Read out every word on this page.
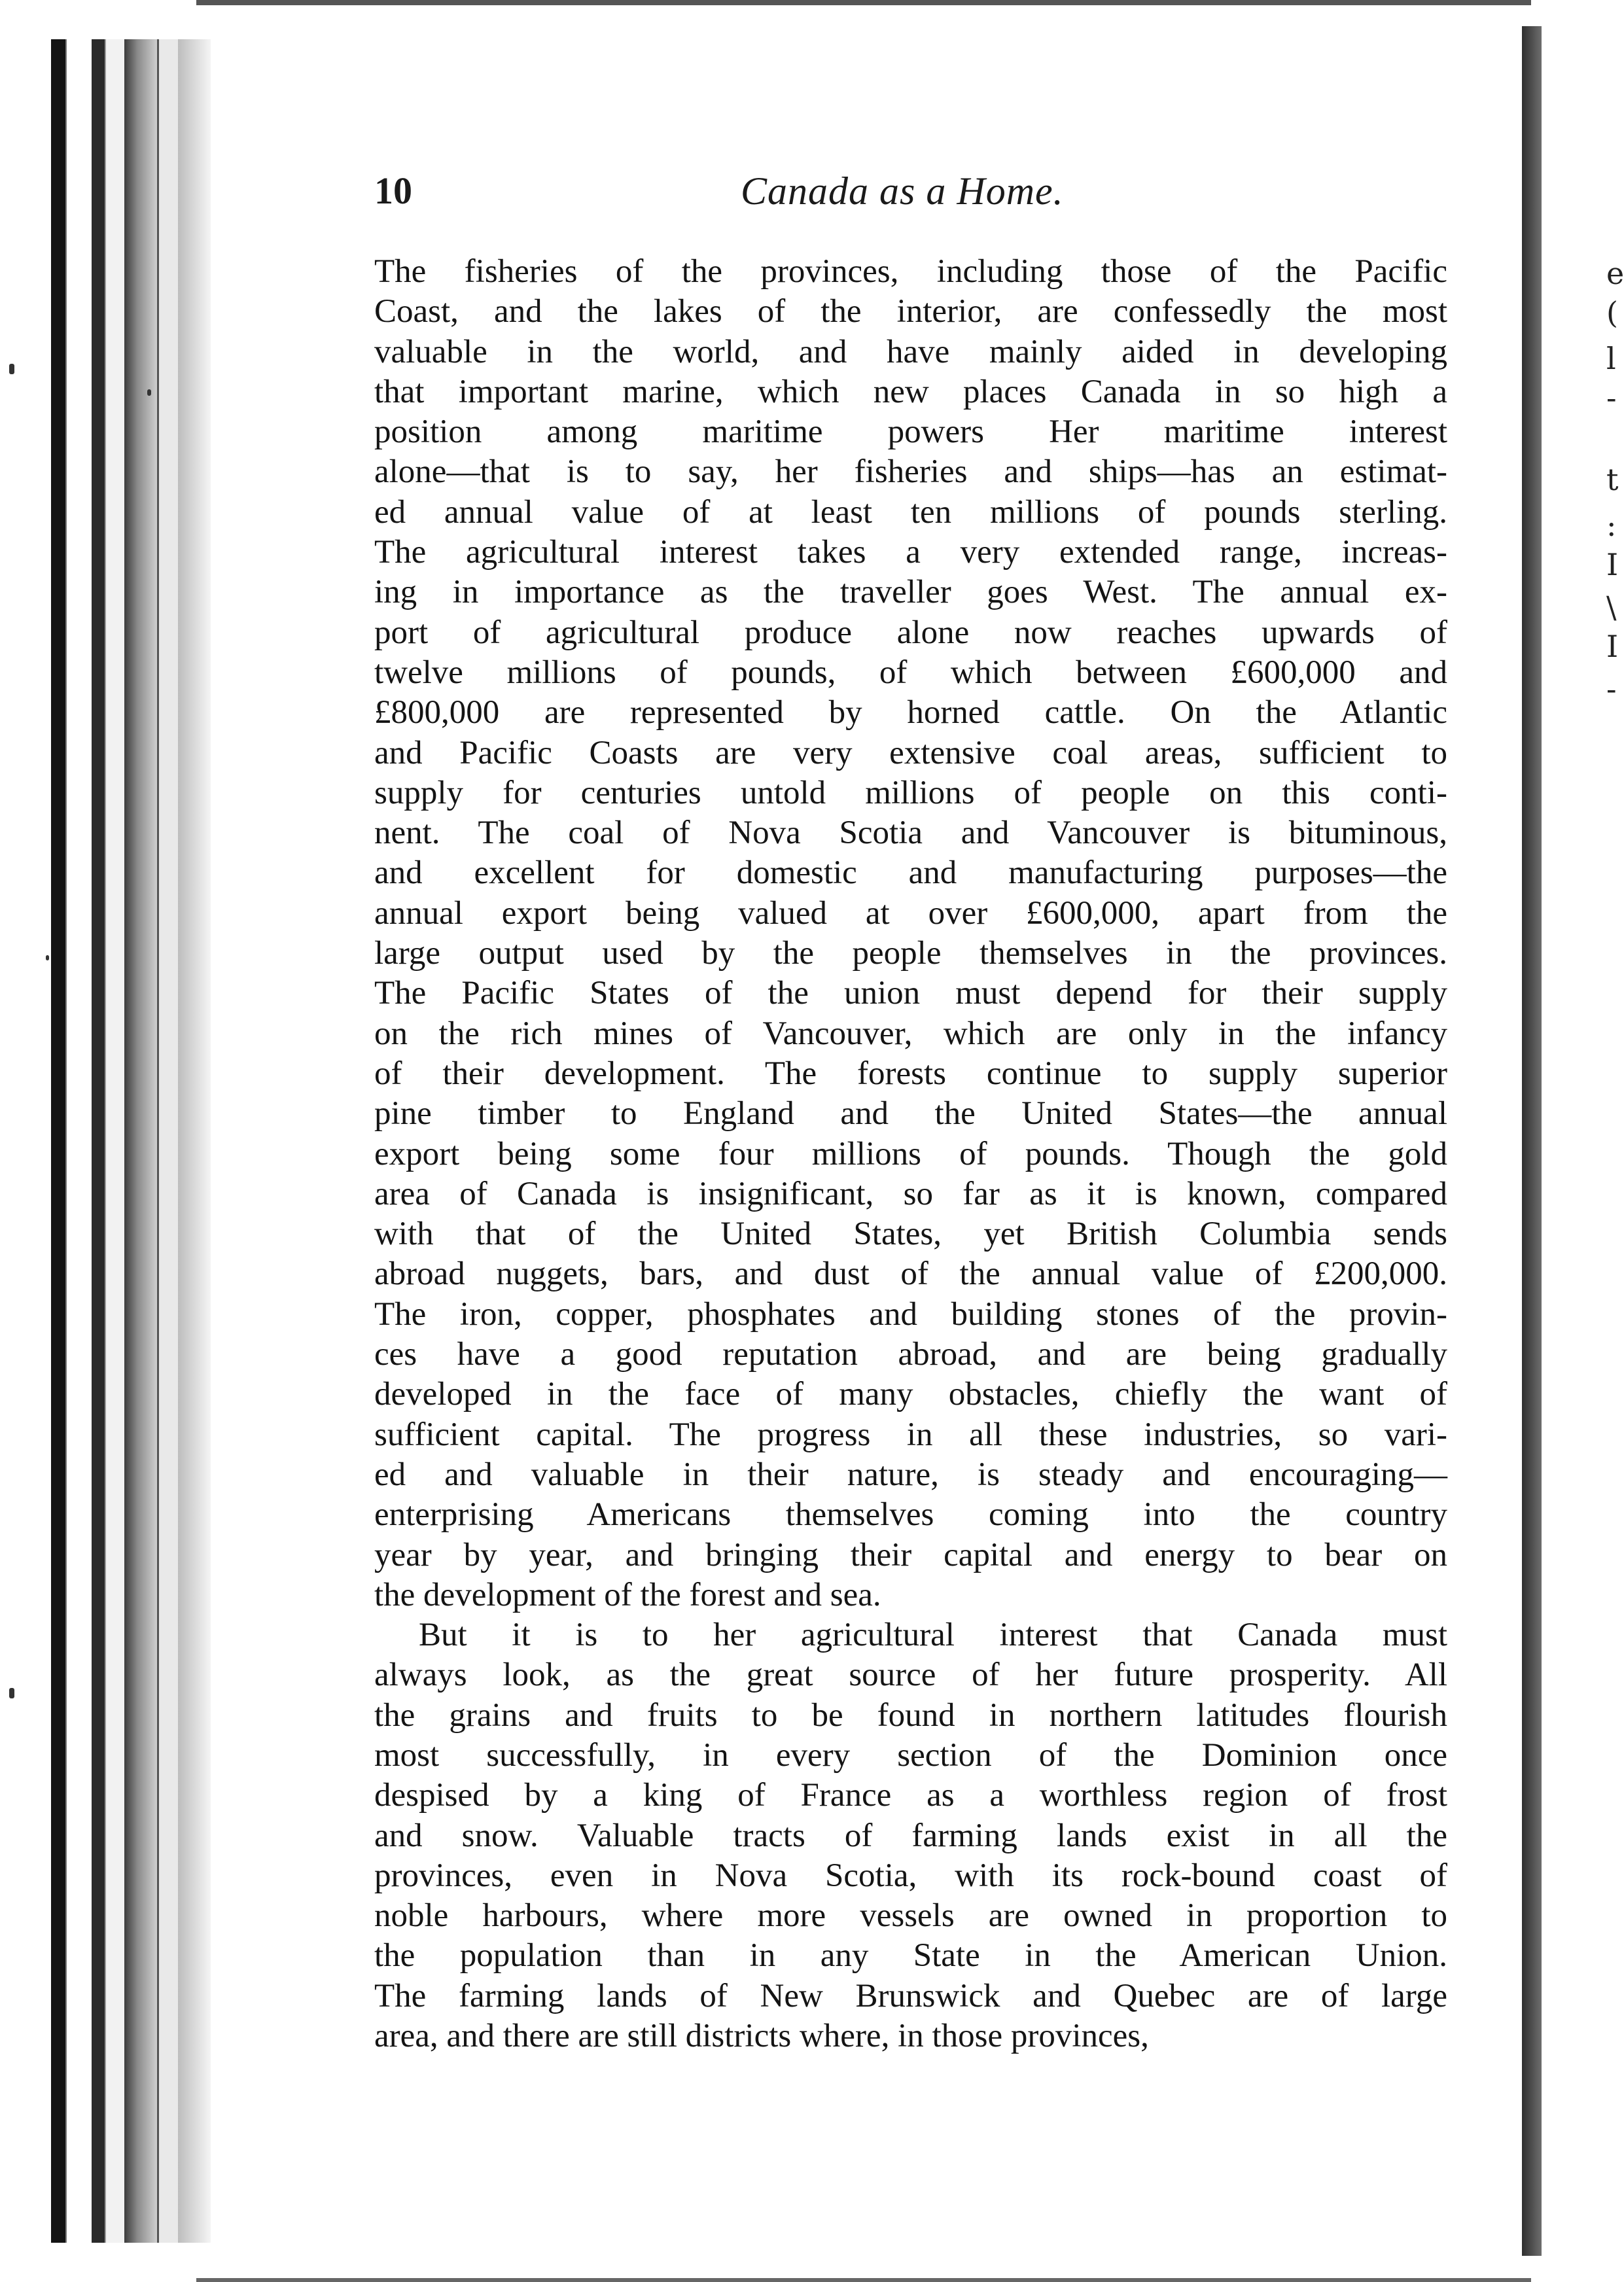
e
(
l
-
t
:
I
\
I
-
10	Canada as a Home.
The fisheries of the provinces, including those of the Pacific
Coast, and the lakes of the interior, are confessedly the most
valuable in the world, and have mainly aided in developing
that important marine, which new places Canada in so high a
position among maritime powers Her maritime interest
alone—that is to say, her fisheries and ships—has an estimat-
ed annual value of at least ten millions of pounds sterling.
The agricultural interest takes a very extended range, increas-
ing in importance as the traveller goes West. The annual ex-
port of agricultural produce alone now reaches upwards of
twelve millions of pounds, of which between £600,000 and
£800,000 are represented by horned cattle. On the Atlantic
and Pacific Coasts are very extensive coal areas, sufficient to
supply for centuries untold millions of people on this conti-
nent. The coal of Nova Scotia and Vancouver is bituminous,
and excellent for domestic and manufacturing purposes—the
annual export being valued at over £600,000, apart from the
large output used by the people themselves in the provinces.
The Pacific States of the union must depend for their supply
on the rich mines of Vancouver, which are only in the infancy
of their development. The forests continue to supply superior
pine timber to England and the United States—the annual
export being some four millions of pounds. Though the gold
area of Canada is insignificant, so far as it is known, compared
with that of the United States, yet British Columbia sends
abroad nuggets, bars, and dust of the annual value of £200,000.
The iron, copper, phosphates and building stones of the provin-
ces have a good reputation abroad, and are being gradually
developed in the face of many obstacles, chiefly the want of
sufficient capital. The progress in all these industries, so vari-
ed and valuable in their nature, is steady and encouraging—
enterprising Americans themselves coming into the country
year by year, and bringing their capital and energy to bear on
the development of the forest and sea.
But it is to her agricultural interest that Canada must
always look, as the great source of her future prosperity. All
the grains and fruits to be found in northern latitudes flourish
most successfully, in every section of the Dominion once
despised by a king of France as a worthless region of frost
and snow. Valuable tracts of farming lands exist in all the
provinces, even in Nova Scotia, with its rock-bound coast of
noble harbours, where more vessels are owned in proportion to
the population than in any State in the American Union.
The farming lands of New Brunswick and Quebec are of large
area, and there are still districts where, in those provinces,
